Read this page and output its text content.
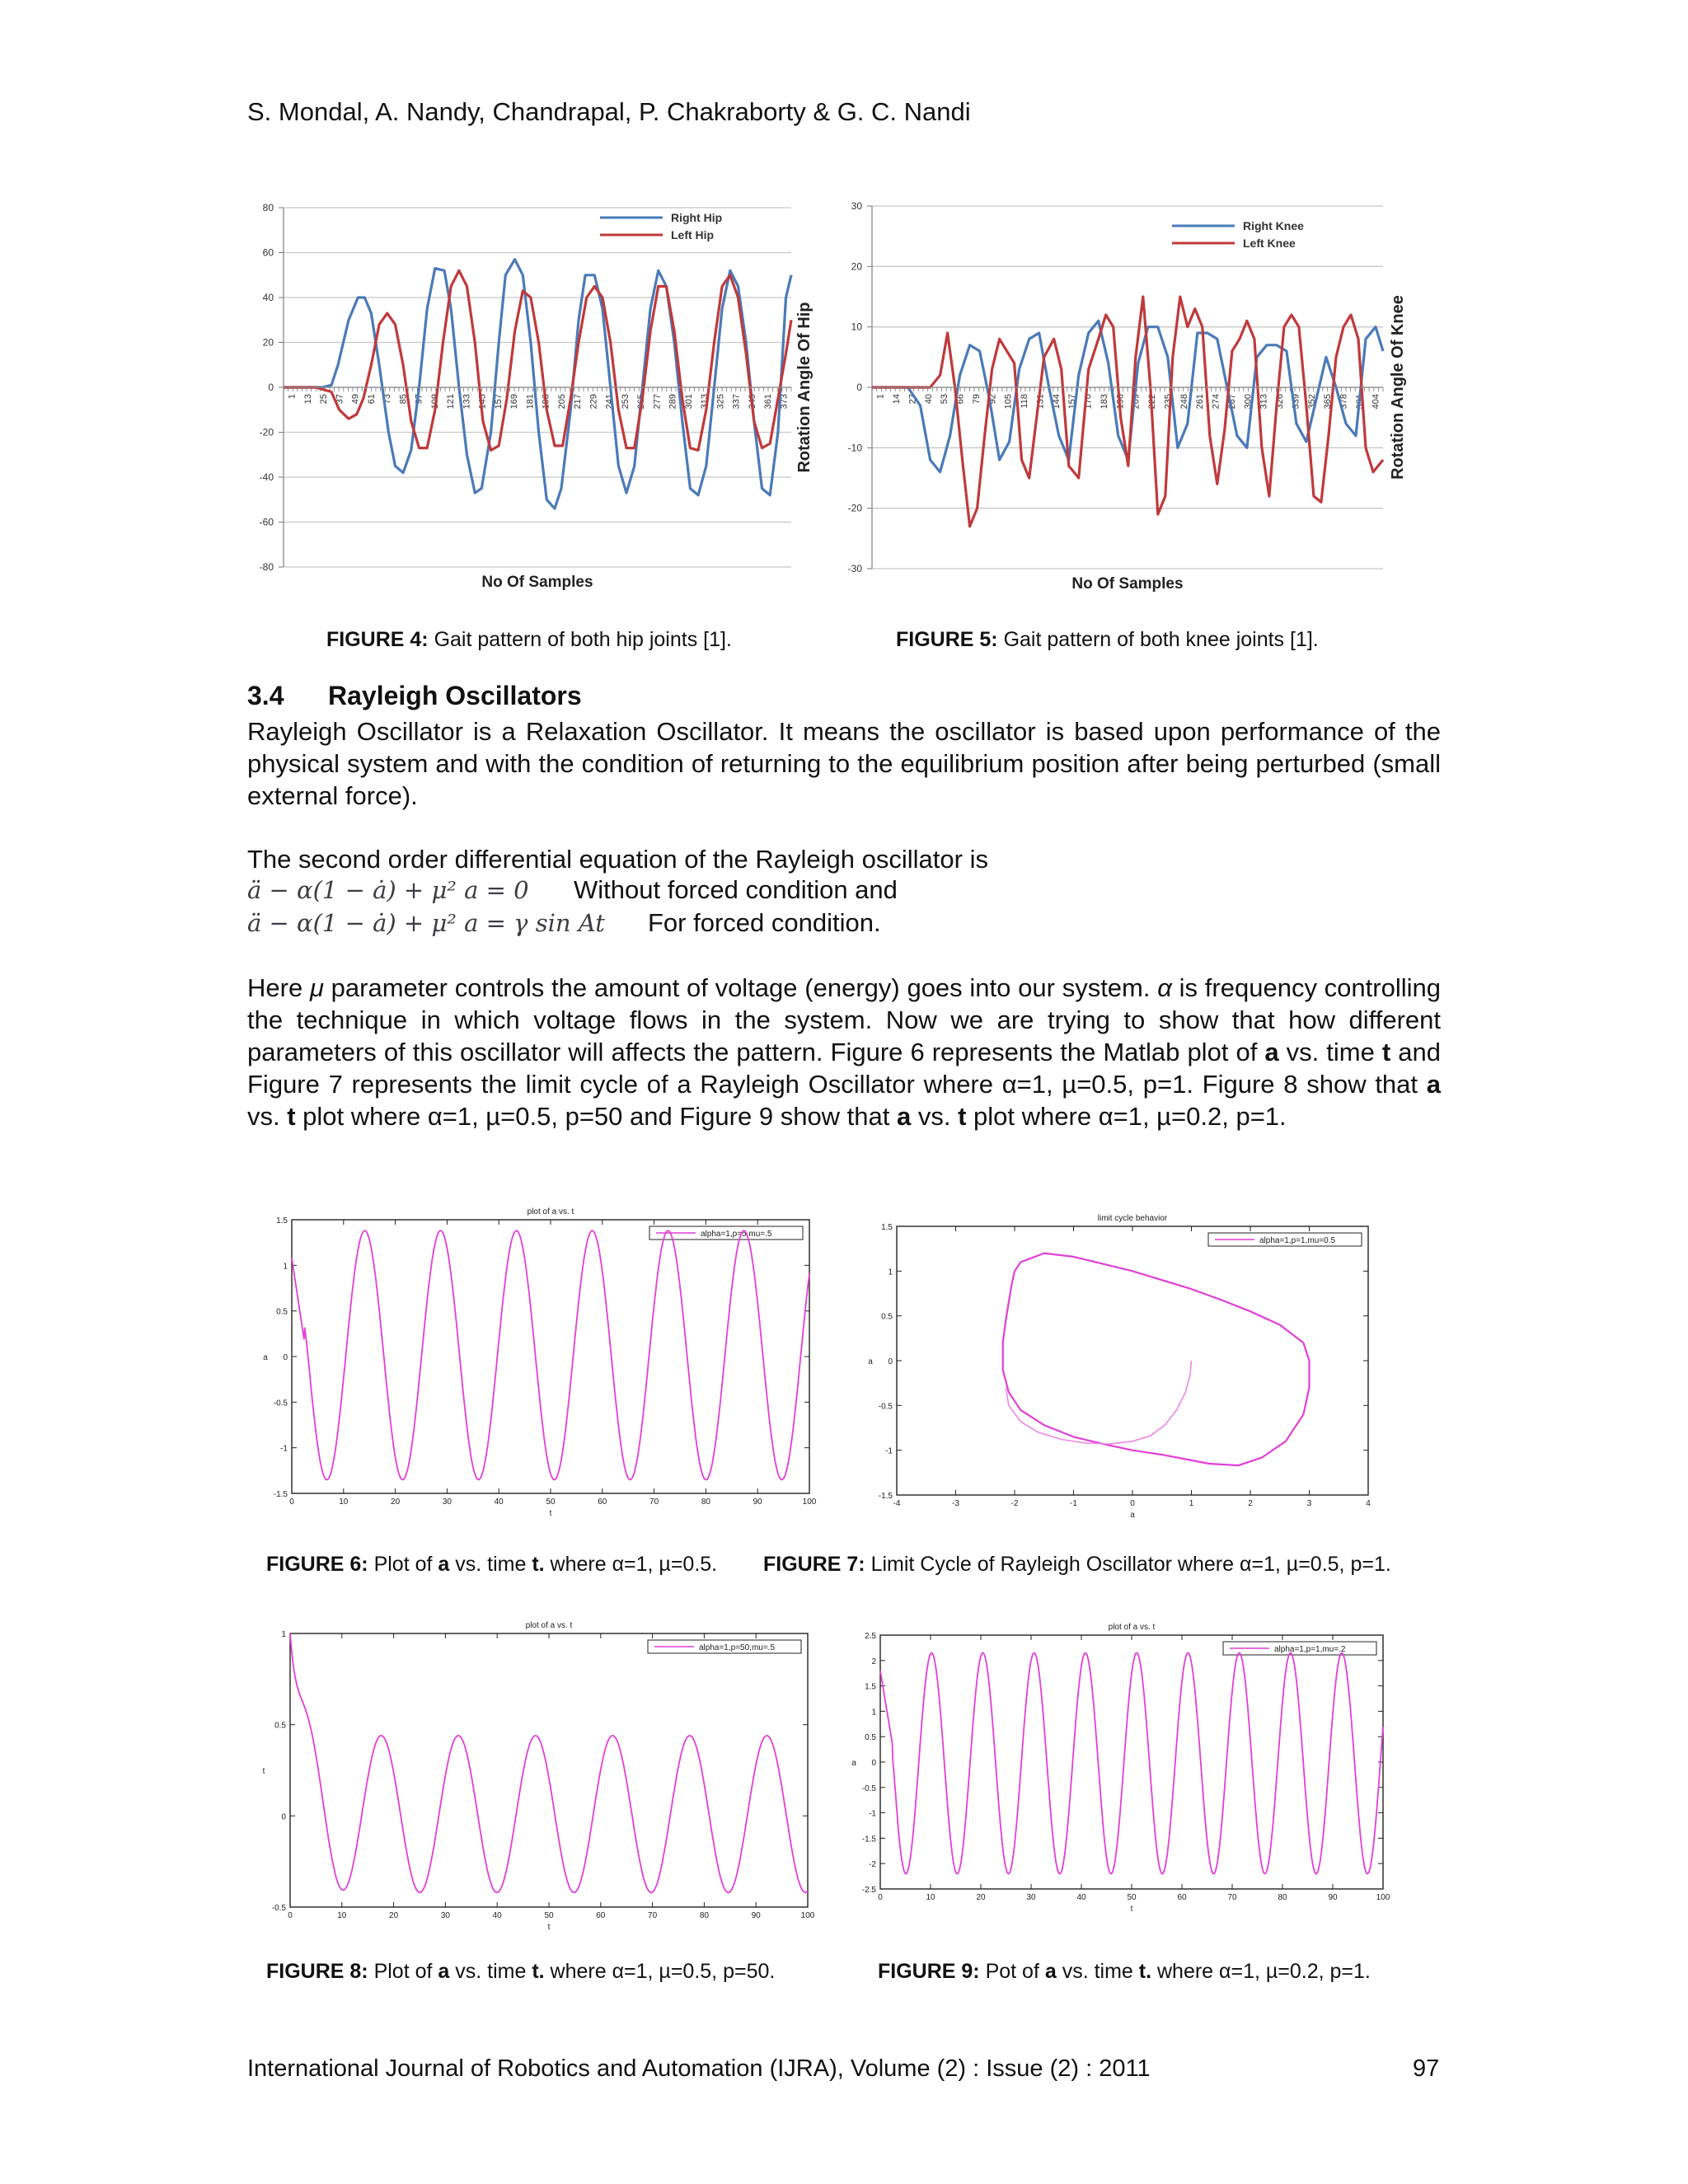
S. Mondal, A. Nandy, Chandrapal, P. Chakraborty & G. C. Nandi
80
60
40
20
0
-20
-40
-60
-80
1 13 25 37 49 61 73 85 97 109 121 133 145 157 169 181 193 205 217 229 241 253 265 277 289 301 313 325 337 349 361 373
Right Hip
Left Hip
No Of Samples
Rotation Angle Of Hip
30
20
10
0
-10
-20
-30
1 14 27 40 53 66 79 92 105 118 131 144 157 170 183 196 209 222 235 248 261 274 287 300 313 326 339 352 365 378 391 404
Right Knee
Left Knee
No Of Samples
Rotation Angle Of Knee
FIGURE 4: Gait pattern of both hip joints [1].	FIGURE 5: Gait pattern of both knee joints [1].
3.4 Rayleigh Oscillators
Rayleigh Oscillator is a Relaxation Oscillator. It means the oscillator is based upon performance of the physical system and with the condition of returning to the equilibrium position after being perturbed (small external force).
The second order differential equation of the Rayleigh oscillator is
ä − α(1 − ȧ) + μ² a = 0 Without forced condition and
ä − α(1 − ȧ) + μ² a = γ sin At For forced condition.
Here μ parameter controls the amount of voltage (energy) goes into our system. α is frequency controlling the technique in which voltage flows in the system. Now we are trying to show that how different parameters of this oscillator will affects the pattern. Figure 6 represents the Matlab plot of a vs. time t and Figure 7 represents the limit cycle of a Rayleigh Oscillator where α=1, µ=0.5, p=1. Figure 8 show that a vs. t plot where α=1, µ=0.5, p=50 and Figure 9 show that a vs. t plot where α=1, µ=0.2, p=1.
0	10	20	30	40	50	60	70	80	90	100
-1.5
-1
-0.5
0
0.5
1
1.5
plot of a vs. t
t
a
alpha=1,p=5,mu=.5
-4	-3	-2	-1	0	1	2	3	4
-1.5
-1
-0.5
0
0.5
1
1.5
limit cycle behavior
a
a
alpha=1,p=1,mu=0.5
FIGURE 6: Plot of a vs. time t. where α=1, µ=0.5. FIGURE 7: Limit Cycle of Rayleigh Oscillator where α=1, µ=0.5, p=1.
0	10	20	30	40	50	60	70	80	90	100
-0.5
0
0.5
1
plot of a vs. t
t
t
alpha=1,p=50,mu=.5
0	10	20	30	40	50	60	70	80	90	100
-2.5
-2
-1.5
-1
-0.5
0
0.5
1
1.5
2
2.5
plot of a vs. t
t
a
alpha=1,p=1,mu=.2
FIGURE 8: Plot of a vs. time t. where α=1, µ=0.5, p=50.	FIGURE 9: Pot of a vs. time t. where α=1, µ=0.2, p=1.
International Journal of Robotics and Automation (IJRA), Volume (2) : Issue (2) : 2011	97
